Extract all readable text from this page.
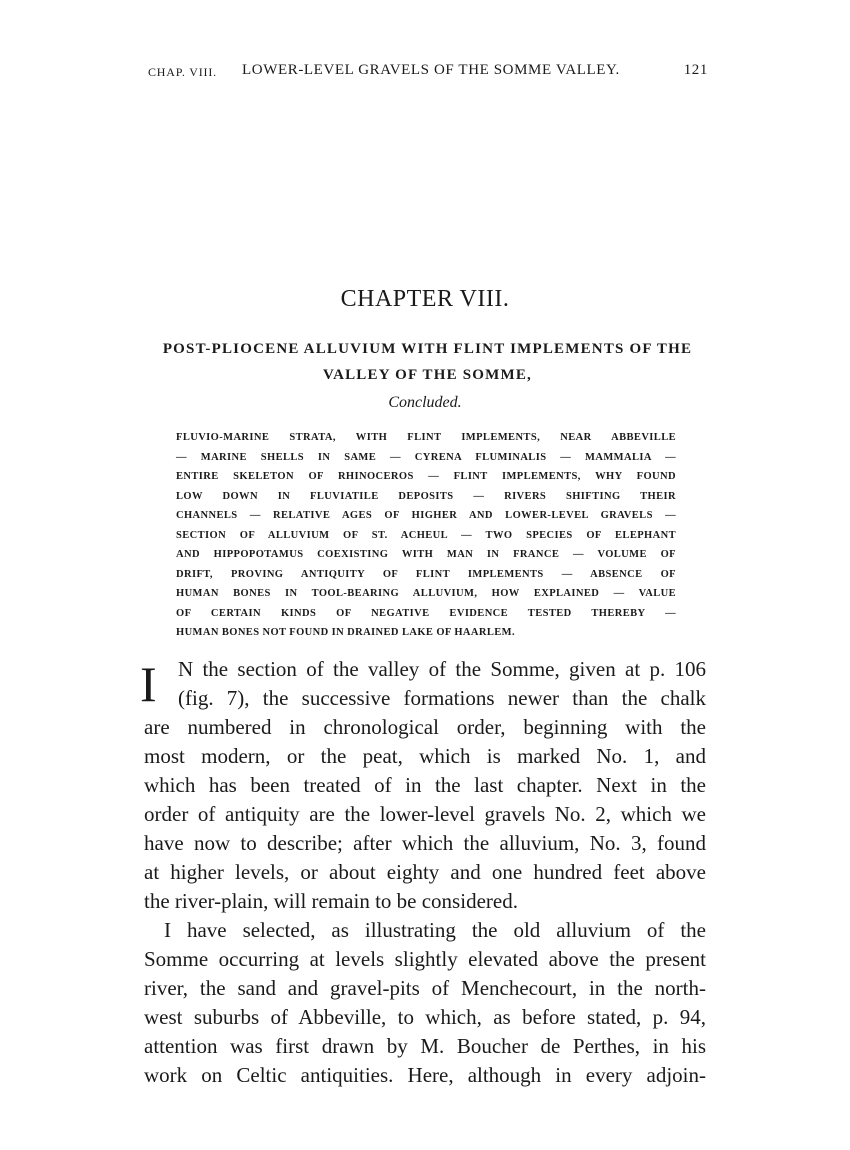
CHAP. VIII. LOWER-LEVEL GRAVELS OF THE SOMME VALLEY.	121
CHAPTER VIII.
POST-PLIOCENE ALLUVIUM WITH FLINT IMPLEMENTS OF THE
VALLEY OF THE SOMME,
Concluded.
FLUVIO-MARINE STRATA, WITH FLINT IMPLEMENTS, NEAR ABBEVILLE
— MARINE SHELLS IN SAME — CYRENA FLUMINALIS — MAMMALIA —
ENTIRE SKELETON OF RHINOCEROS — FLINT IMPLEMENTS, WHY FOUND
LOW DOWN IN FLUVIATILE DEPOSITS — RIVERS SHIFTING THEIR
CHANNELS — RELATIVE AGES OF HIGHER AND LOWER-LEVEL GRAVELS —
SECTION OF ALLUVIUM OF ST. ACHEUL — TWO SPECIES OF ELEPHANT
AND HIPPOPOTAMUS COEXISTING WITH MAN IN FRANCE — VOLUME OF
DRIFT, PROVING ANTIQUITY OF FLINT IMPLEMENTS — ABSENCE OF
HUMAN BONES IN TOOL-BEARING ALLUVIUM, HOW EXPLAINED — VALUE
OF CERTAIN KINDS OF NEGATIVE EVIDENCE TESTED THEREBY —
HUMAN BONES NOT FOUND IN DRAINED LAKE OF HAARLEM.
I	N the section of the valley of the Somme, given at p. 106
(fig. 7), the successive formations newer than the chalk
are numbered in chronological order, beginning with the
most modern, or the peat, which is marked No. 1, and
which has been treated of in the last chapter. Next in the
order of antiquity are the lower-level gravels No. 2, which we
have now to describe; after which the alluvium, No. 3, found
at higher levels, or about eighty and one hundred feet above
the river-plain, will remain to be considered.
I have selected, as illustrating the old alluvium of the
Somme occurring at levels slightly elevated above the present
river, the sand and gravel-pits of Menchecourt, in the north-
west suburbs of Abbeville, to which, as before stated, p. 94,
attention was first drawn by M. Boucher de Perthes, in his
work on Celtic antiquities. Here, although in every adjoin-
